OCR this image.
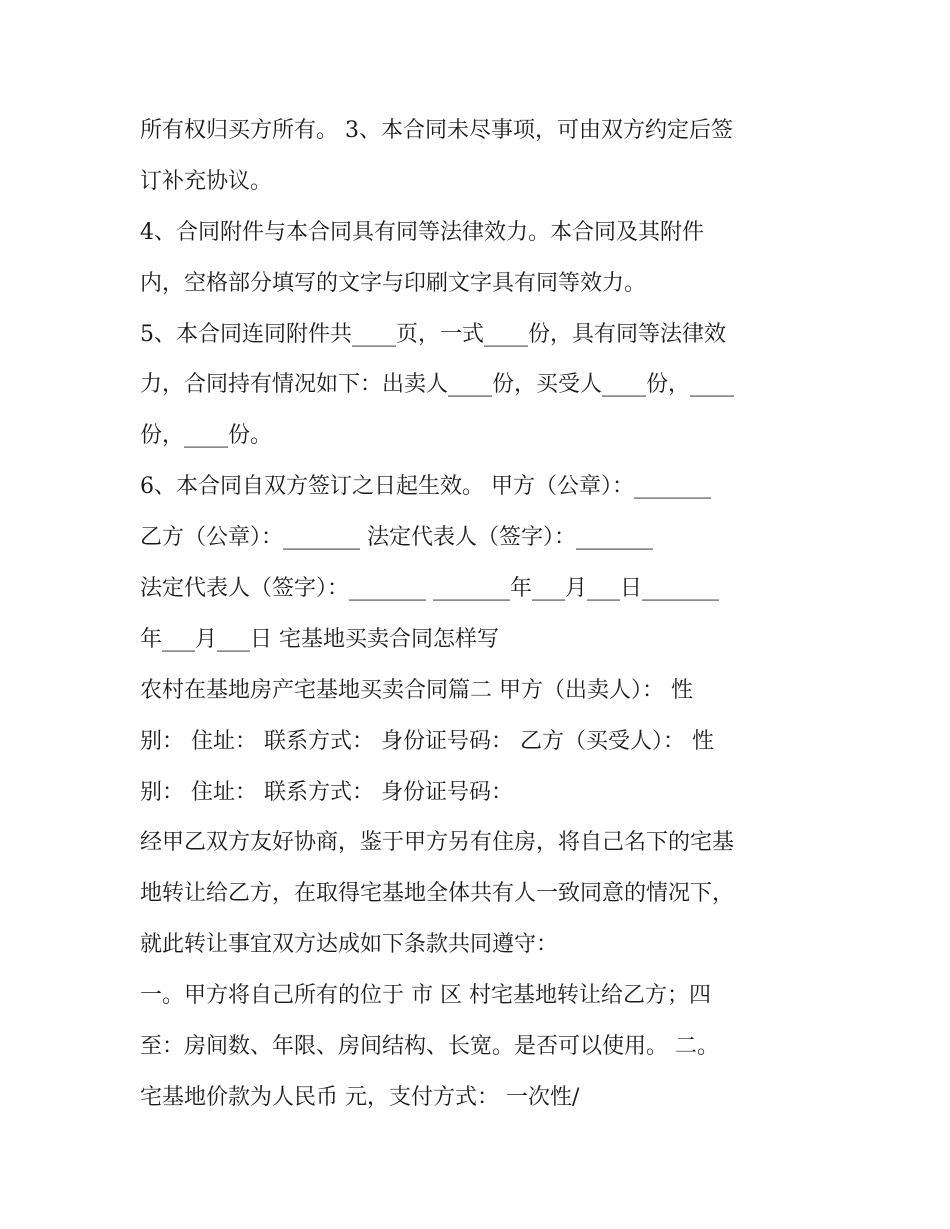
所有权归买方所有。 3、本合同未尽事项，可由双方约定后签
订补充协议。
4、合同附件与本合同具有同等法律效力。本合同及其附件
内，空格部分填写的文字与印刷文字具有同等效力。
5、本合同连同附件共____页，一式____份，具有同等法律效
力，合同持有情况如下：出卖人____份，买受人____份，____
份，____份。
6、本合同自双方签订之日起生效。 甲方（公章）：_______
乙方（公章）：_______ 法定代表人（签字）：_______
法定代表人（签字）：_______ _______年___月___日_______
年___月___日 宅基地买卖合同怎样写
农村在基地房产宅基地买卖合同篇二 甲方（出卖人）： 性
别： 住址： 联系方式： 身份证号码： 乙方（买受人）： 性
别： 住址： 联系方式： 身份证号码：
经甲乙双方友好协商，鉴于甲方另有住房，将自己名下的宅基
地转让给乙方，在取得宅基地全体共有人一致同意的情况下，
就此转让事宜双方达成如下条款共同遵守：
一。甲方将自己所有的位于 市 区 村宅基地转让给乙方；四
至：房间数、年限、房间结构、长宽。是否可以使用。 二。
宅基地价款为人民币 元，支付方式： 一次性/
